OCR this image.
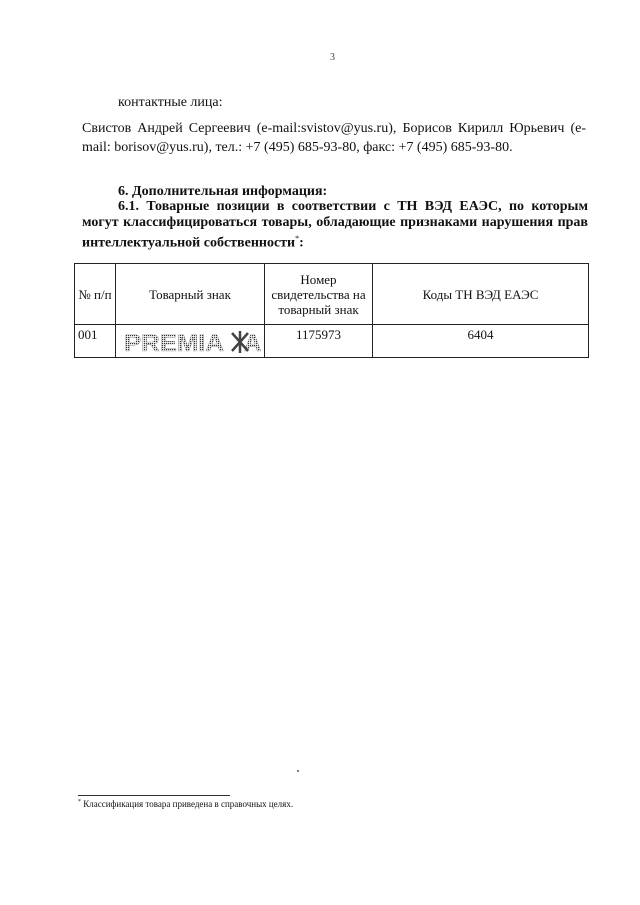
3
контактные лица:
Свистов Андрей Сергеевич (e-mail:svistov@yus.ru), Борисов Кирилл Юрьевич (e-mail: borisov@yus.ru), тел.: +7 (495) 685-93-80, факс: +7 (495) 685-93-80.
6. Дополнительная информация:
6.1. Товарные позиции в соответствии с ТН ВЭД ЕАЭС, по которым могут классифицироваться товары, обладающие признаками нарушения прав интеллектуальной собственности*:
№ п/п	Товарный знак	Номер свидетельства на товарный знак	Коды ТН ВЭД ЕАЭС
001	PREMIA A	1175973	6404
* Классификация товара приведена в справочных целях.
